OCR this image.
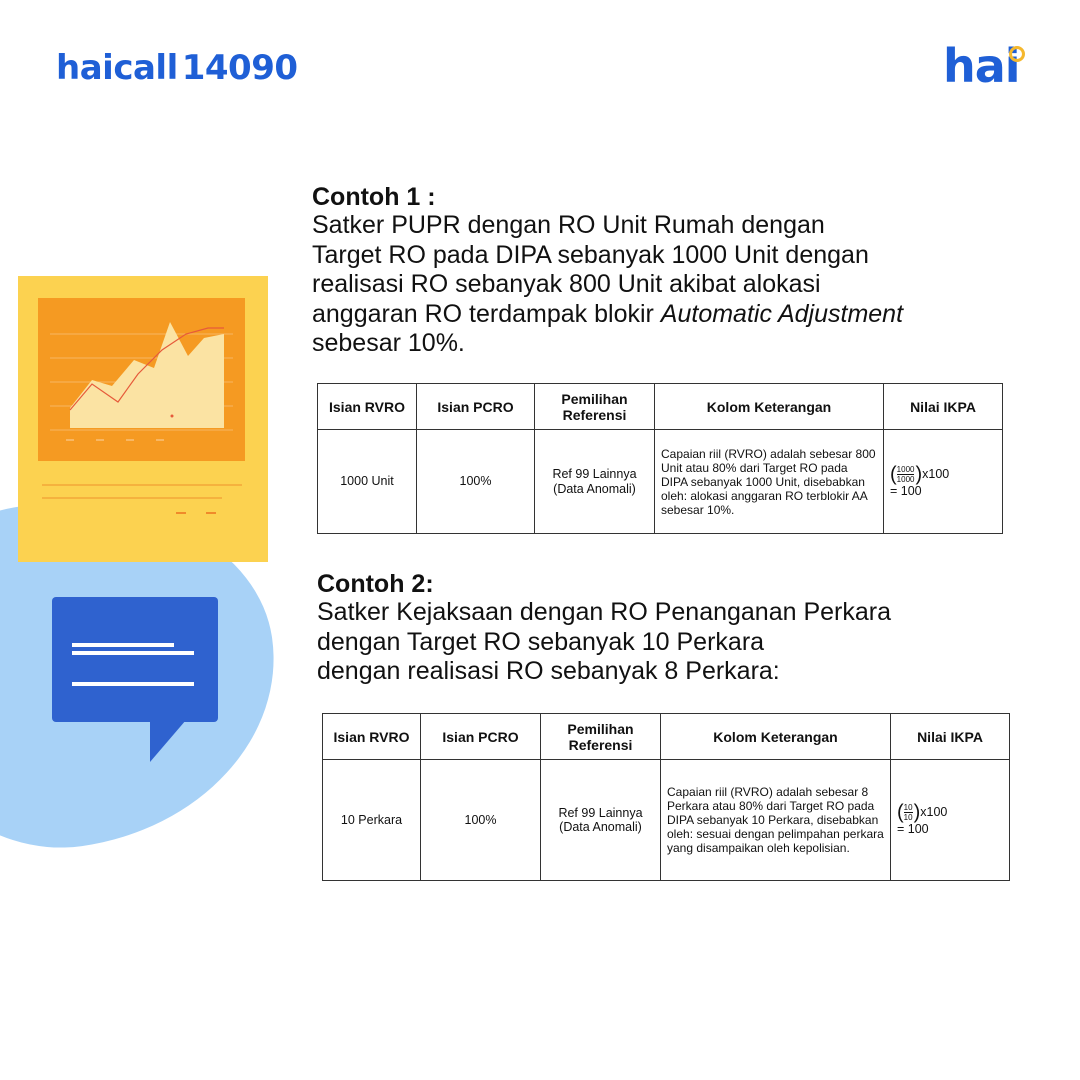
haicall 14090	hai
Contoh 1 :
Satker PUPR dengan RO Unit Rumah dengan
Target RO pada DIPA sebanyak 1000 Unit dengan
realisasi RO sebanyak 800 Unit akibat alokasi
anggaran RO terdampak blokir Automatic Adjustment
sebesar 10%.
Isian RVRO	Isian PCRO	Pemilihan Referensi	Kolom Keterangan	Nilai IKPA
1000 Unit	100%	Ref 99 Lainnya (Data Anomali)	Capaian riil (RVRO) adalah sebesar 800 Unit atau 80% dari Target RO pada DIPA sebanyak 1000 Unit, disebabkan oleh: alokasi anggaran RO terblokir AA sebesar 10%.	( $\frac{1000}{1000} )x100$
= 100
Contoh 2:
Satker Kejaksaan dengan RO Penanganan Perkara
dengan Target RO sebanyak 10 Perkara
dengan realisasi RO sebanyak 8 Perkara:
Isian RVRO	Isian PCRO	Pemilihan Referensi	Kolom Keterangan	Nilai IKPA
10 Perkara	100%	Ref 99 Lainnya (Data Anomali)	Capaian riil (RVRO) adalah sebesar 8 Perkara atau 80% dari Target RO pada DIPA sebanyak 10 Perkara, disebabkan oleh: sesuai dengan pelimpahan perkara yang disampaikan oleh kepolisian.	( $\frac{10}{10} )x100$
= 100
